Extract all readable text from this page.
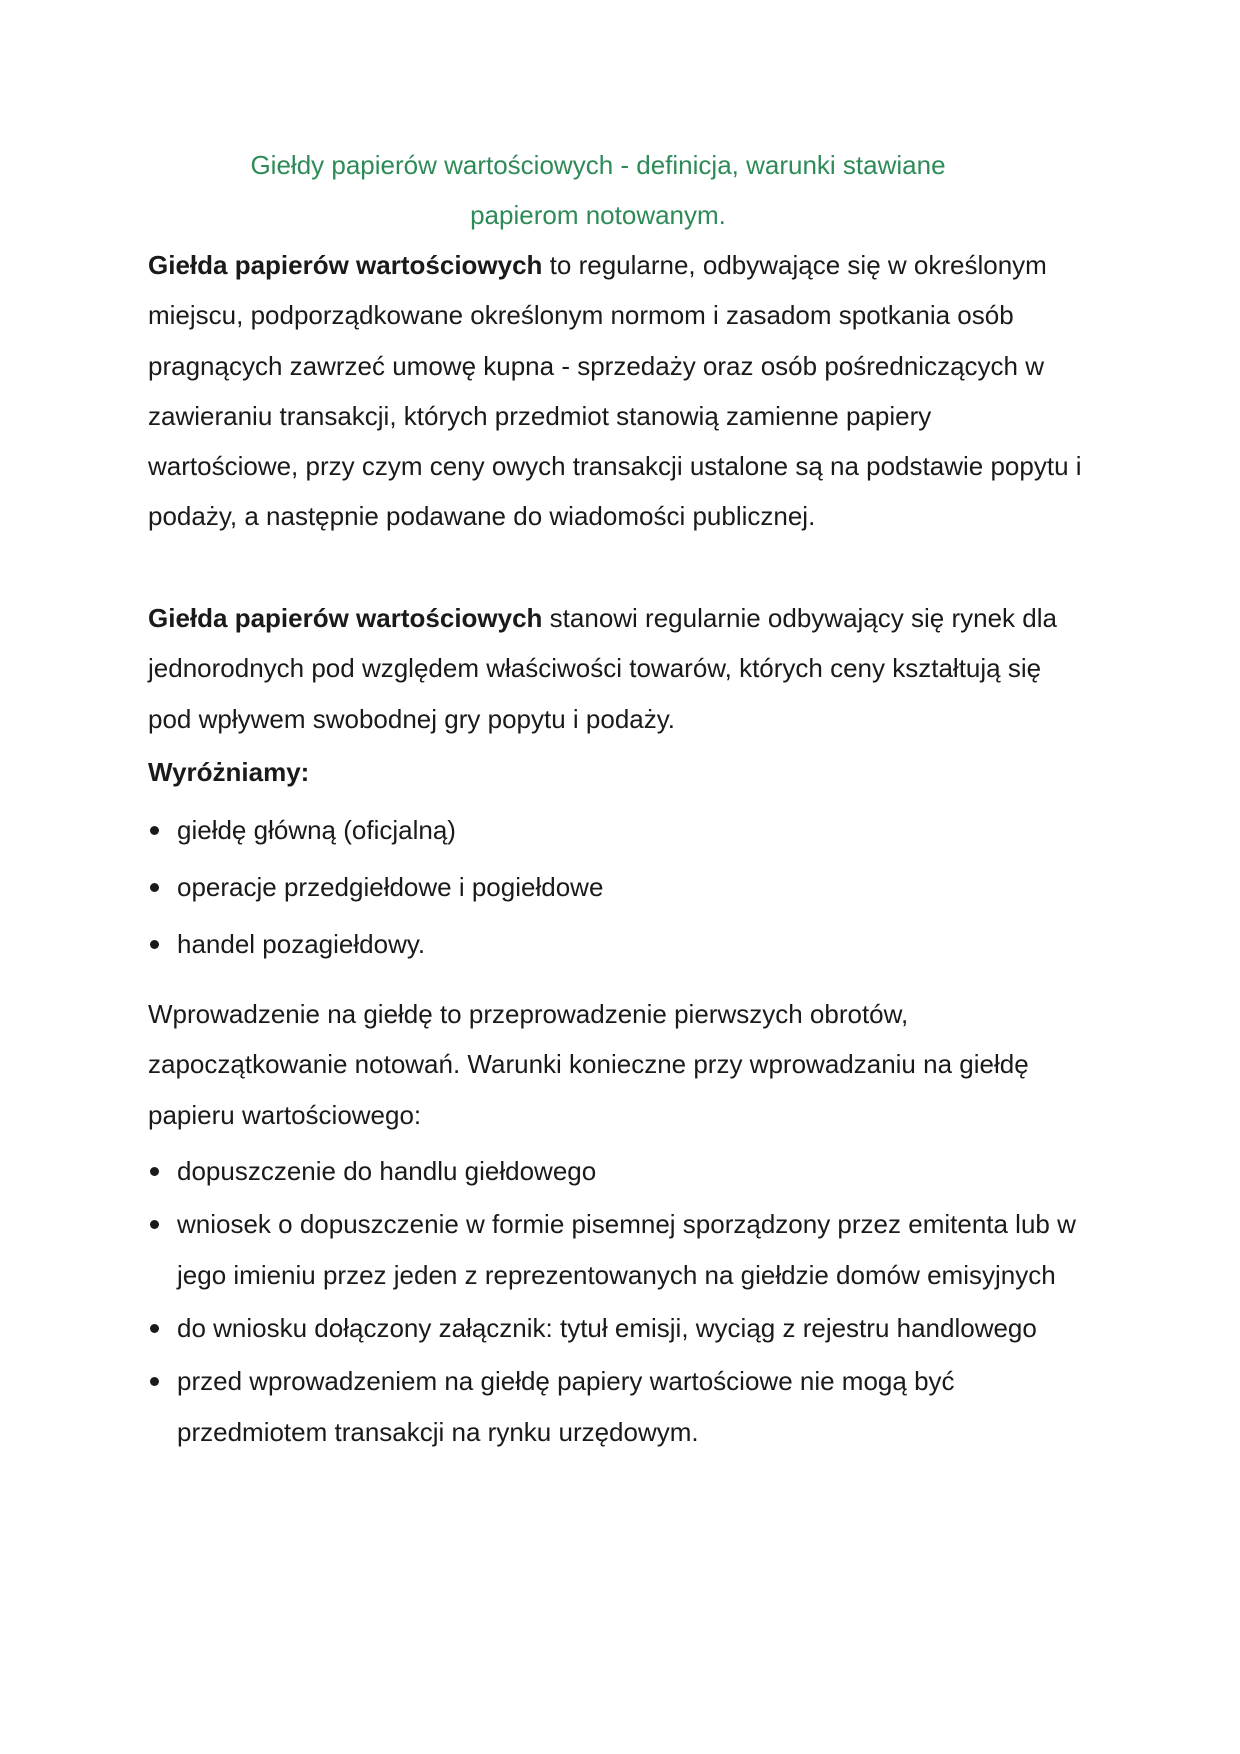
Giełdy papierów wartościowych - definicja, warunki stawiane
papierom notowanym.

Giełda papierów wartościowych to regularne, odbywające się w określonym miejscu, podporządkowane określonym normom i zasadom spotkania osób pragnących zawrzeć umowę kupna - sprzedaży oraz osób pośredniczących w zawieraniu transakcji, których przedmiot stanowią zamienne papiery wartościowe, przy czym ceny owych transakcji ustalone są na podstawie popytu i podaży, a następnie podawane do wiadomości publicznej.

Giełda papierów wartościowych stanowi regularnie odbywający się rynek dla jednorodnych pod względem właściwości towarów, których ceny kształtują się pod wpływem swobodnej gry popytu i podaży.

Wyróżniamy:

giełdę główną (oficjalną)
operacje przedgiełdowe i pogiełdowe
handel pozagiełdowy.

Wprowadzenie na giełdę to przeprowadzenie pierwszych obrotów, zapoczątkowanie notowań. Warunki konieczne przy wprowadzaniu na giełdę papieru wartościowego:

dopuszczenie do handlu giełdowego
wniosek o dopuszczenie w formie pisemnej sporządzony przez emitenta lub w jego imieniu przez jeden z reprezentowanych na giełdzie domów emisyjnych
do wniosku dołączony załącznik: tytuł emisji, wyciąg z rejestru handlowego
przed wprowadzeniem na giełdę papiery wartościowe nie mogą być przedmiotem transakcji na rynku urzędowym.
